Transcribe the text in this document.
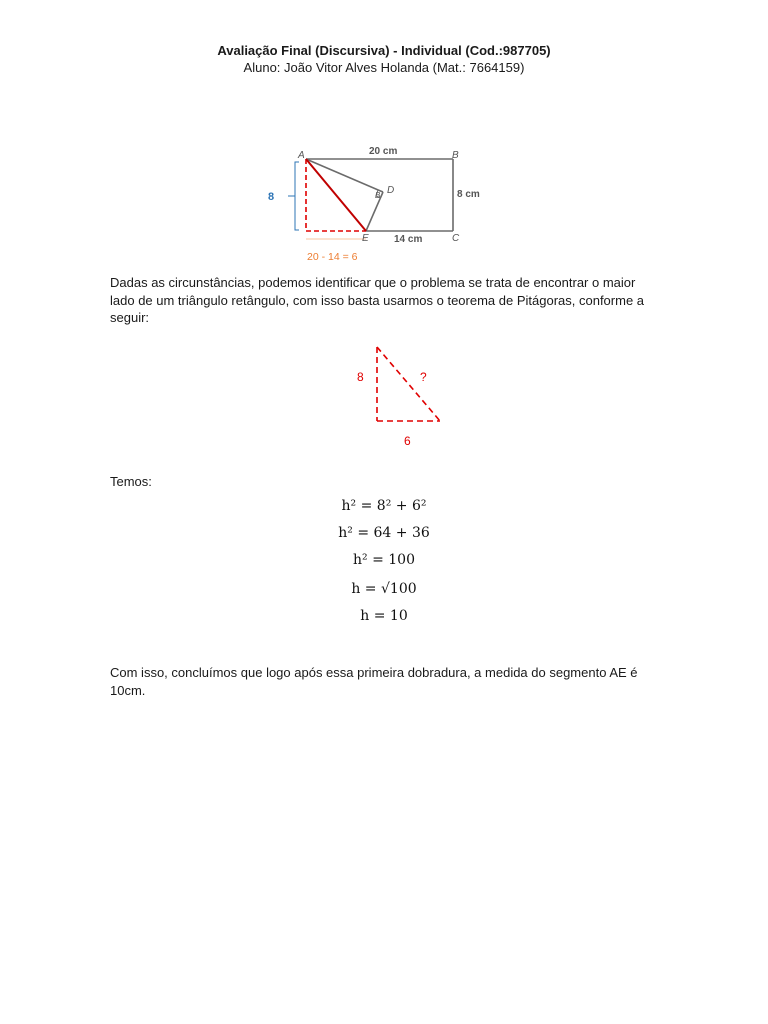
Avaliação Final (Discursiva) - Individual (Cod.:987705)
Aluno: João Vitor Alves Holanda (Mat.: 7664159)
8
A	B
C
D
E
B
20 cm
8 cm
14 cm
20 - 14 = 6
Dadas as circunstâncias, podemos identificar que o problema se trata de encontrar o maior lado de um triângulo retângulo, com isso basta usarmos o teorema de Pitágoras, conforme a seguir:
8	?
6
Temos:
h² = 8² + 6²
h² = 64 + 36
h² = 100
h = √100
h = 10
Com isso, concluímos que logo após essa primeira dobradura, a medida do segmento AE é 10cm.
